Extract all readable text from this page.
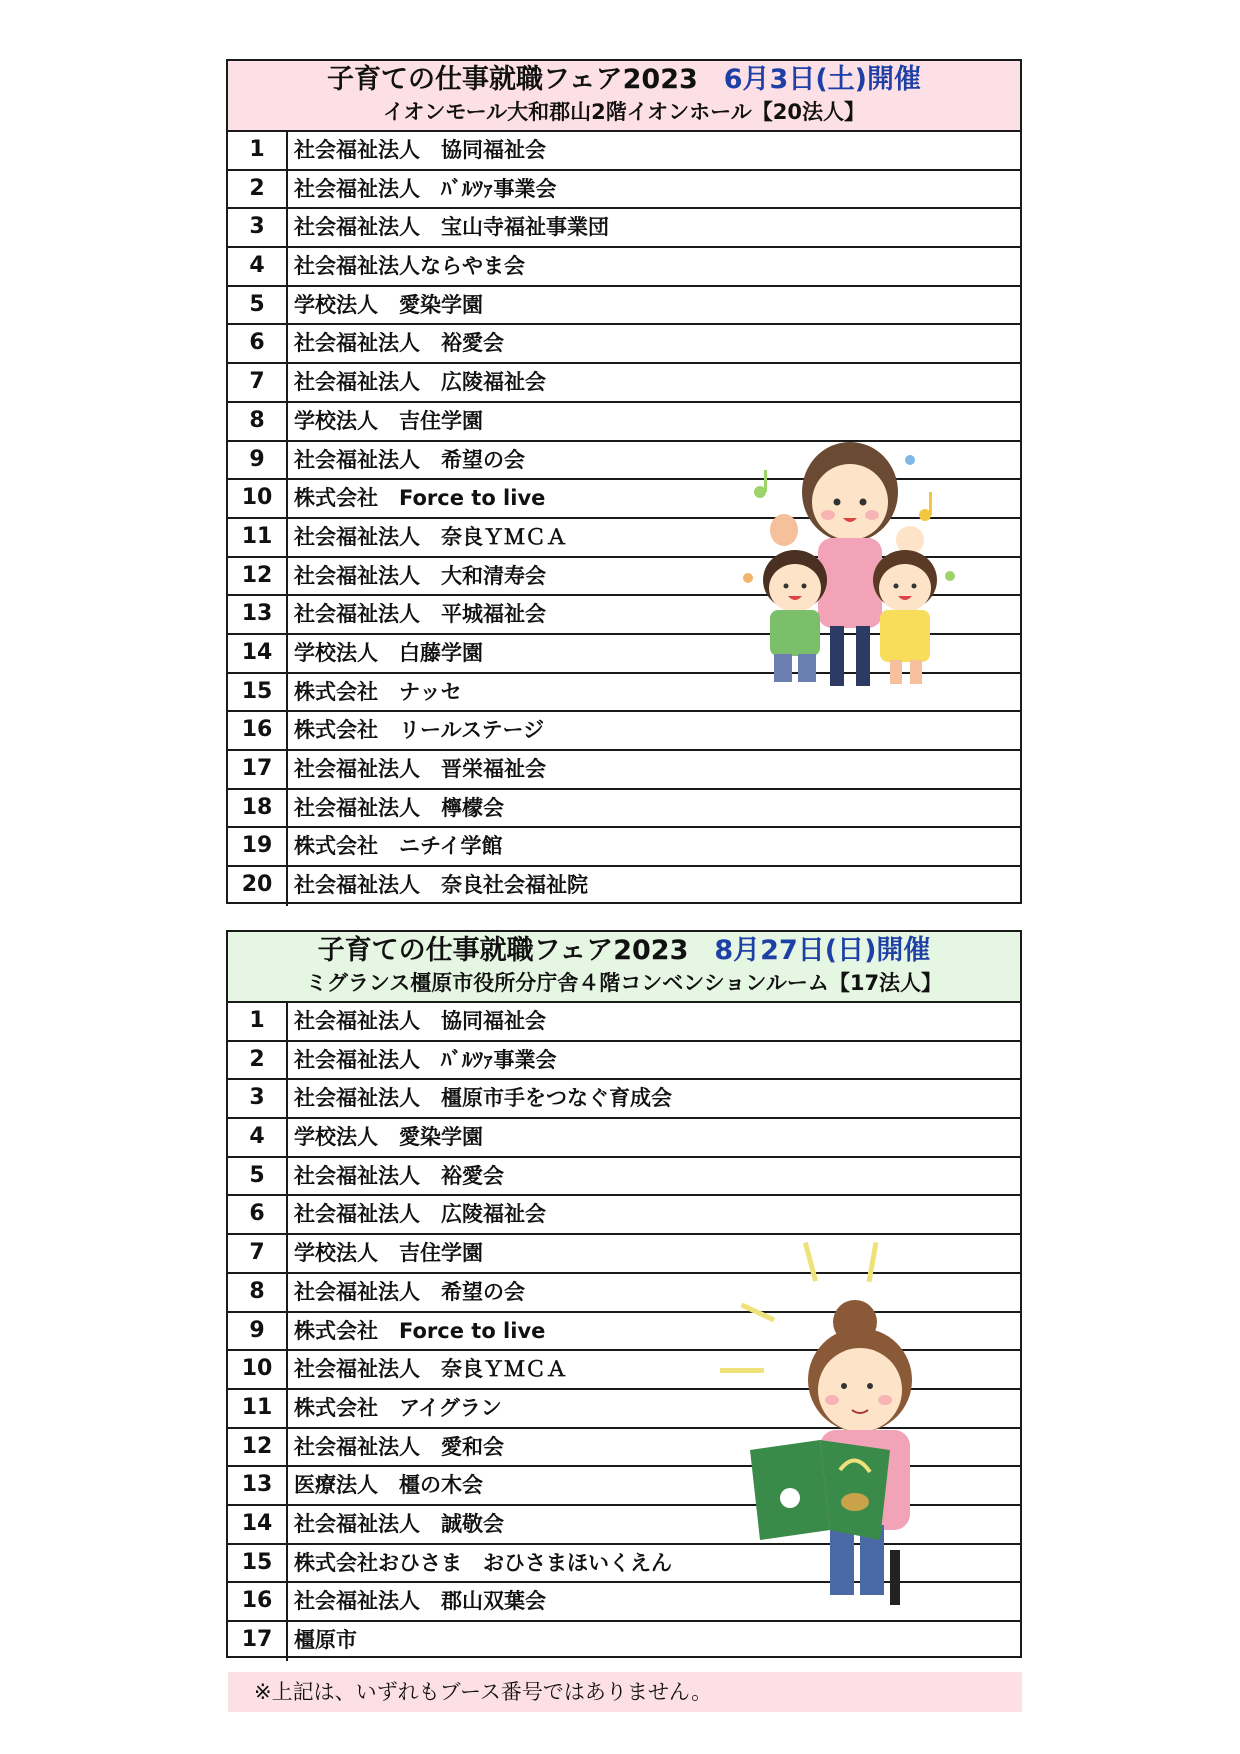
子育ての仕事就職フェア2023 6月3日(土)開催
イオンモール大和郡山2階イオンホール【20法人】
1	社会福祉法人　協同福祉会
2	社会福祉法人　ﾊﾞﾙﾂｧ事業会
3	社会福祉法人　宝山寺福祉事業団
4	社会福祉法人ならやま会
5	学校法人　愛染学園
6	社会福祉法人　裕愛会
7	社会福祉法人　広陵福祉会
8	学校法人　吉住学園
9	社会福祉法人　希望の会
10	株式会社　Force to live
11	社会福祉法人　奈良ＹＭＣＡ
12	社会福祉法人　大和清寿会
13	社会福祉法人　平城福祉会
14	学校法人　白藤学園
15	株式会社　ナッセ
16	株式会社　リールステージ
17	社会福祉法人　晋栄福祉会
18	社会福祉法人　檸檬会
19	株式会社　ニチイ学館
20	社会福祉法人　奈良社会福祉院
子育ての仕事就職フェア2023 8月27日(日)開催
ミグランス橿原市役所分庁舎４階コンベンションルーム【17法人】
1	社会福祉法人　協同福祉会
2	社会福祉法人　ﾊﾞﾙﾂｧ事業会
3	社会福祉法人　橿原市手をつなぐ育成会
4	学校法人　愛染学園
5	社会福祉法人　裕愛会
6	社会福祉法人　広陵福祉会
7	学校法人　吉住学園
8	社会福祉法人　希望の会
9	株式会社　Force to live
10	社会福祉法人　奈良ＹＭＣＡ
11	株式会社　アイグラン
12	社会福祉法人　愛和会
13	医療法人　橿の木会
14	社会福祉法人　誠敬会
15	株式会社おひさま　おひさまほいくえん
16	社会福祉法人　郡山双葉会
17	橿原市
※上記は、いずれもブース番号ではありません。
